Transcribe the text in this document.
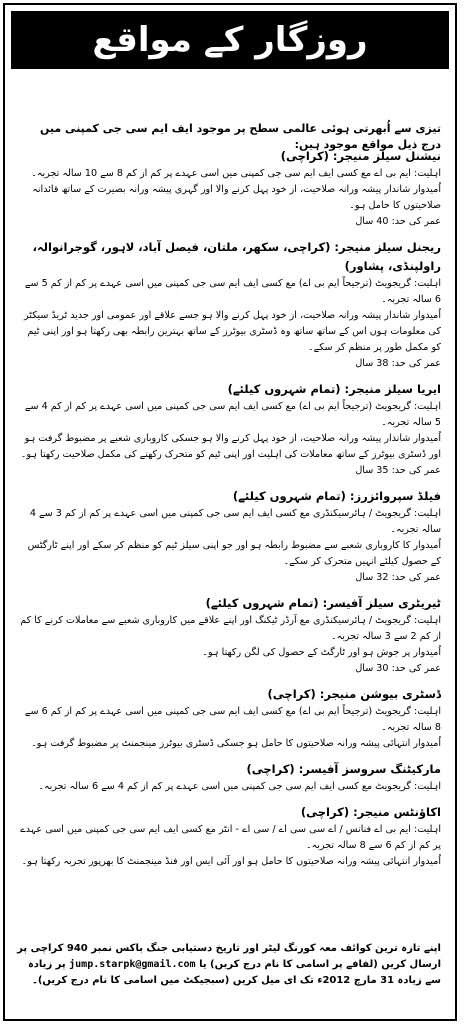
روزگار کے مواقع
تیزی سے اُبھرتی ہوئی عالمی سطح پر موجود ایف ایم سی جی کمپنی میں درج ذیل مواقع موجود ہیں:
نیشنل سیلز منیجر: (کراچی)
اہلیت: ایم بی اے مع کسی ایف ایم سی جی کمپنی میں اسی عہدے پر کم از کم 8 سے 10 سالہ تجربہ۔
اُمیدوار شاندار پیشہ ورانہ صلاحیت، از خود پہل کرنے والا اور گہری پیشہ ورانہ بصیرت کے ساتھ قائدانہ صلاحیتوں کا حامل ہو۔
عمر کی حد: 40 سال
ریجنل سیلز منیجر: (کراچی، سکھر، ملتان، فیصل آباد، لاہور، گوجرانوالہ، راولپنڈی، پشاور)
اہلیت: گریجویٹ (ترجیحاً ایم بی اے) مع کسی ایف ایم سی جی کمپنی میں اسی عہدے پر کم از کم 5 سے 6 سالہ تجربہ۔
اُمیدوار شاندار پیشہ ورانہ صلاحیت، از خود پہل کرنے والا ہو جسے علاقے اور عمومی اور جدید ٹریڈ سیکٹر کی معلومات ہوں اس کے ساتھ ساتھ وہ ڈسٹری بیوٹرز کے ساتھ بہترین رابطہ بھی رکھتا ہو اور اپنی ٹیم کو مکمل طور پر منظم کر سکے۔
عمر کی حد: 38 سال
ایریا سیلز منیجر: (تمام شہروں کیلئے)
اہلیت: گریجویٹ (ترجیحاً ایم بی اے) مع کسی ایف ایم سی جی کمپنی میں اسی عہدے پر کم از کم 4 سے 5 سالہ تجربہ۔
اُمیدوار شاندار پیشہ ورانہ صلاحیت، از خود پہل کرنے والا ہو جسکی کاروباری شعبے پر مضبوط گرفت ہو اور ڈسٹری بیوٹرز کے ساتھ معاملات کی اہلیت اور اپنی ٹیم کو متحرک رکھنے کی مکمل صلاحیت رکھتا ہو۔
عمر کی حد: 35 سال
فیلڈ سپروائزرز: (تمام شہروں کیلئے)
اہلیت: گریجویٹ / ہائرسیکنڈری مع کسی ایف ایم سی جی کمپنی میں اسی عہدے پر کم از کم 3 سے 4 سالہ تجربہ۔
اُمیدوار کا کاروباری شعبے سے مضبوط رابطہ ہو اور جو اپنی سیلز ٹیم کو منظم کر سکے اور اپنے ٹارگٹس کے حصول کیلئے انہیں متحرک کر سکے۔
عمر کی حد: 32 سال
ٹیریٹری سیلز آفیسر: (تمام شہروں کیلئے)
اہلیت: گریجویٹ / ہائرسیکنڈری مع آرڈر ٹیکنگ اور اپنے علاقے میں کاروباری شعبے سے معاملات کرنے کا کم از کم 2 سے 3 سالہ تجربہ۔
اُمیدوار پر جوش ہو اور ٹارگٹ کے حصول کی لگن رکھتا ہو۔
عمر کی حد: 30 سال
ڈسٹری بیوشن منیجر: (کراچی)
اہلیت: گریجویٹ (ترجیحاً ایم بی اے) مع کسی ایف ایم سی جی کمپنی میں اسی عہدے پر کم از کم 6 سے 8 سالہ تجربہ۔
اُمیدوار انتہائی پیشہ ورانہ صلاحیتوں کا حامل ہو جسکی ڈسٹری بیوٹرز مینجمنٹ پر مضبوط گرفت ہو۔
مارکیٹنگ سروسز آفیسر: (کراچی)
اہلیت: گریجویٹ مع کسی ایف ایم سی جی کمپنی میں اسی عہدے پر کم از کم 4 سے 6 سالہ تجربہ۔
اکاؤنٹس منیجر: (کراچی)
اہلیت: ایم بی اے فنانس / اے سی سی اے / سی اے - انٹر مع کسی ایف ایم سی جی کمپنی میں اسی عہدے پر کم از کم 6 سے 8 سالہ تجربہ۔
اُمیدوار انتہائی پیشہ ورانہ صلاحیتوں کا حامل ہو اور آئی ایس اور فنڈ مینجمنٹ کا بھرپور تجربہ رکھتا ہو۔
اپنے تازہ ترین کوائف معہ کورنگ لیٹر اور تاریخ دستیابی جنگ باکس نمبر 940 کراچی پر ارسال کریں (لفافے پر اسامی کا نام درج کریں) یا jump.starpk@gmail.com پر زیادہ سے زیادہ 31 مارچ 2012ء تک ای میل کریں (سبجیکٹ میں اسامی کا نام درج کریں)۔
